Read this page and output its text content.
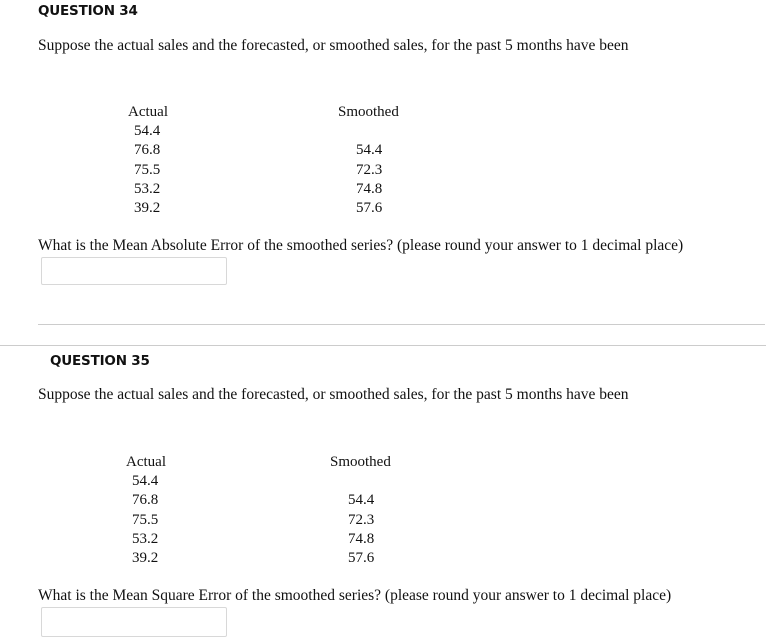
QUESTION 34
Suppose the actual sales and the forecasted, or smoothed sales, for the past 5 months have been
Actual
54.4
76.8
75.5
53.2
39.2
Smoothed
54.4
72.3
74.8
57.6
What is the Mean Absolute Error of the smoothed series? (please round your answer to 1 decimal place)
QUESTION 35
Suppose the actual sales and the forecasted, or smoothed sales, for the past 5 months have been
Actual
54.4
76.8
75.5
53.2
39.2
Smoothed
54.4
72.3
74.8
57.6
What is the Mean Square Error of the smoothed series? (please round your answer to 1 decimal place)
